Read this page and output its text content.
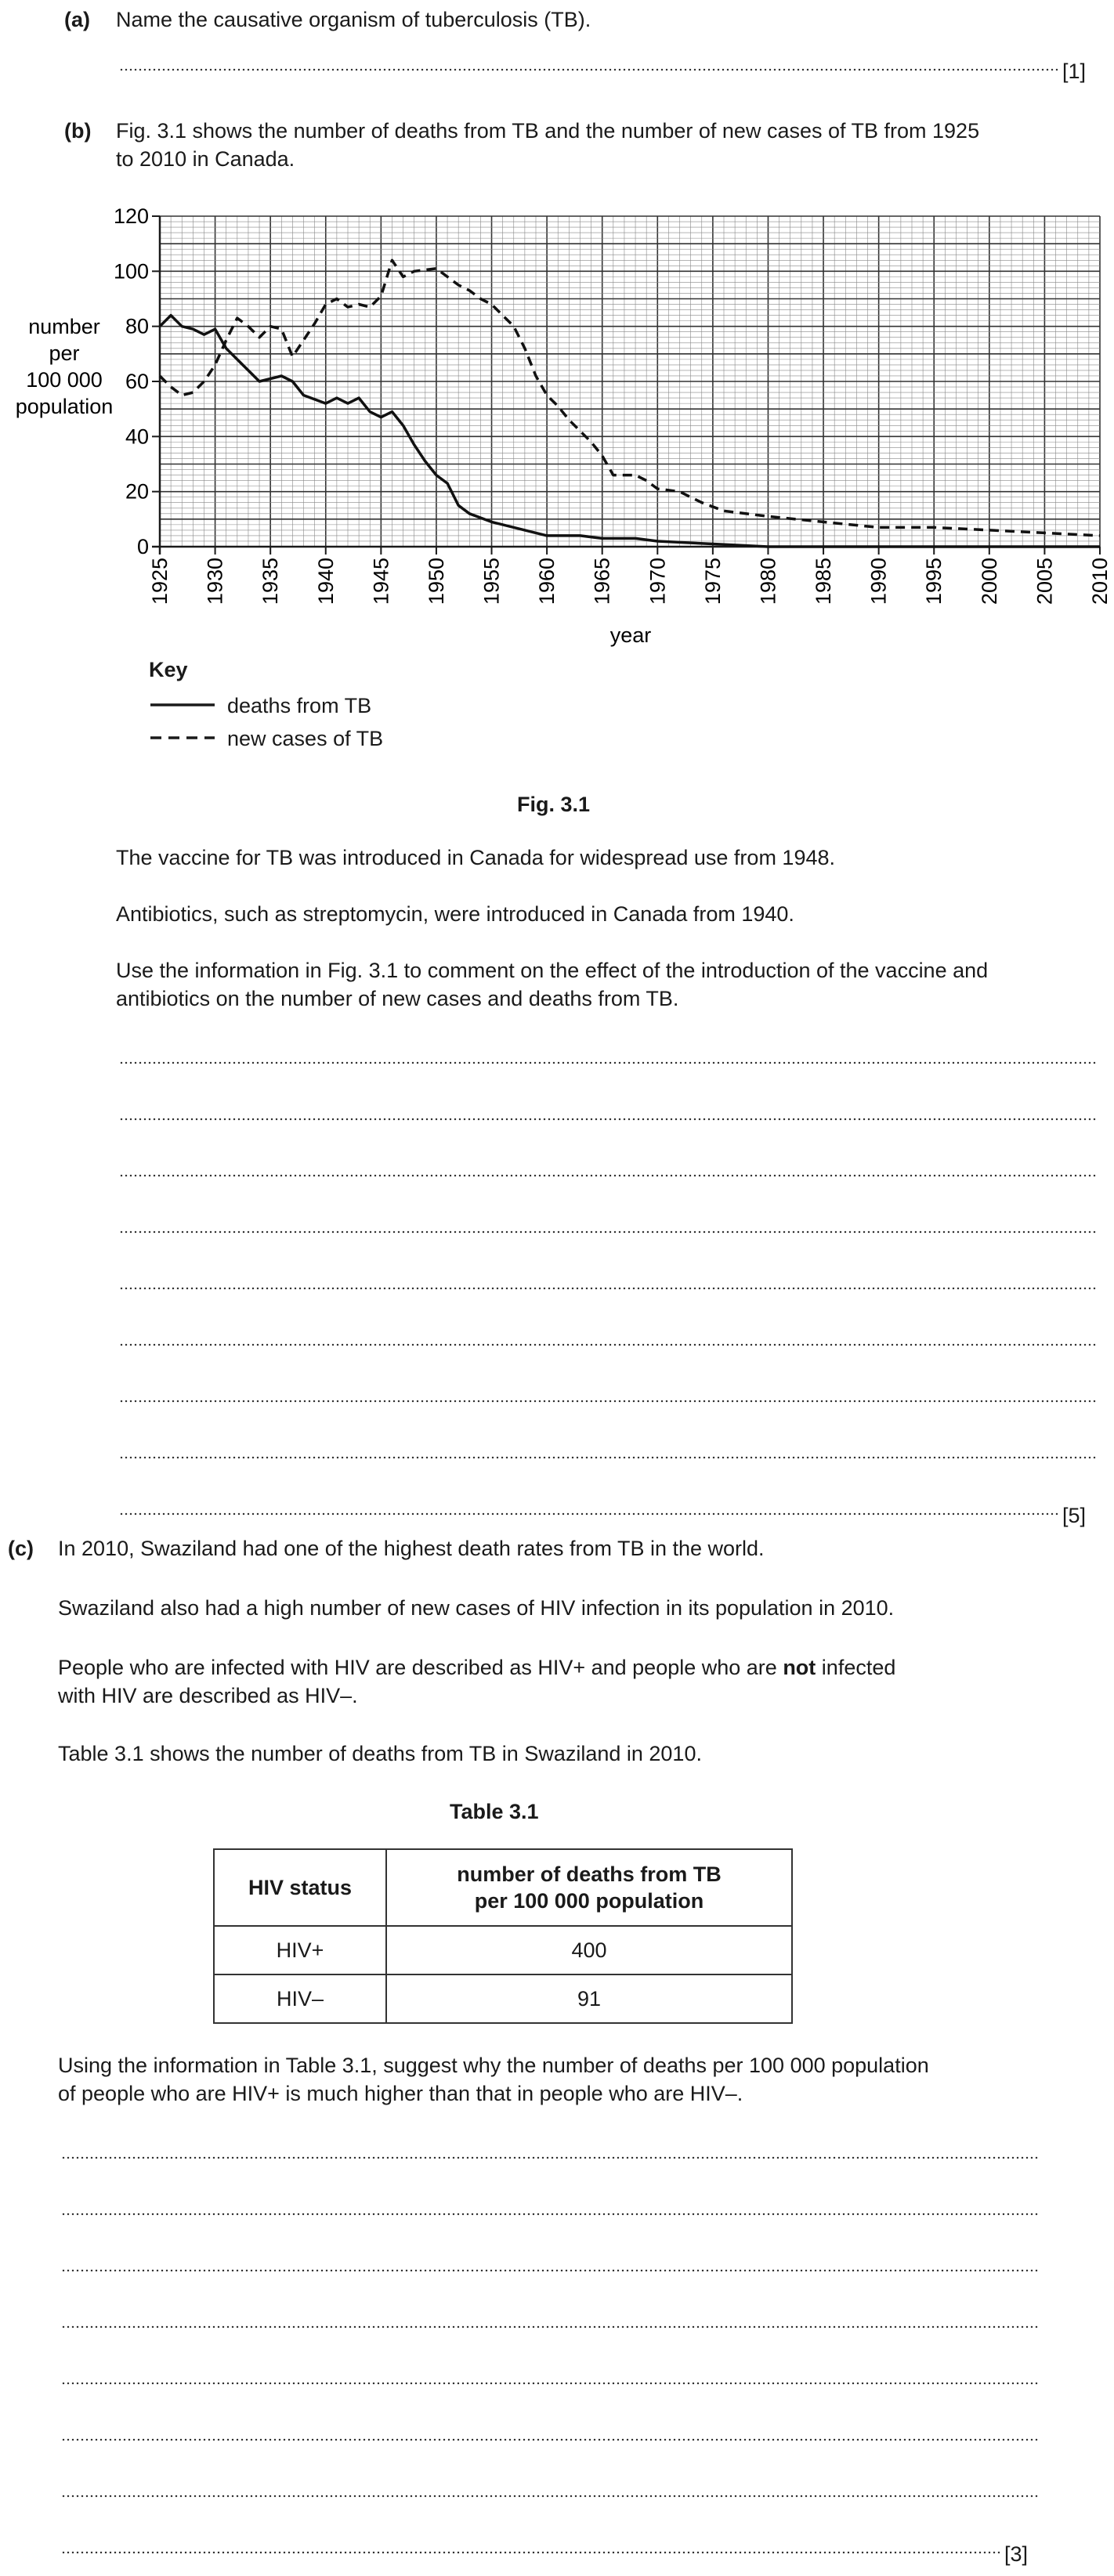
(a) Name the causative organism of tuberculosis (TB).
[1]
(b) Fig. 3.1 shows the number of deaths from TB and the number of new cases of TB from 1925
to 2010 in Canada.
0
20
40
60
80
100
120
1925 1930 1935 1940 1945 1950 1955 1960 1965 1970 1975 1980 1985 1990 1995 2000 2005 2010
number
per
100 000
population
year
Key
deaths from TB
new cases of TB
Fig. 3.1
The vaccine for TB was introduced in Canada for widespread use from 1948.
Antibiotics, such as streptomycin, were introduced in Canada from 1940.
Use the information in Fig. 3.1 to comment on the effect of the introduction of the vaccine and
antibiotics on the number of new cases and deaths from TB.
[5]
(c) In 2010, Swaziland had one of the highest death rates from TB in the world.
Swaziland also had a high number of new cases of HIV infection in its population in 2010.
People who are infected with HIV are described as HIV+ and people who are not infected
with HIV are described as HIV–.
Table 3.1 shows the number of deaths from TB in Swaziland in 2010.
Table 3.1
HIV status	number of deaths from TB
per 100 000 population

HIV+	400
HIV–	91
Using the information in Table 3.1, suggest why the number of deaths per 100 000 population
of people who are HIV+ is much higher than that in people who are HIV–.
[3]
